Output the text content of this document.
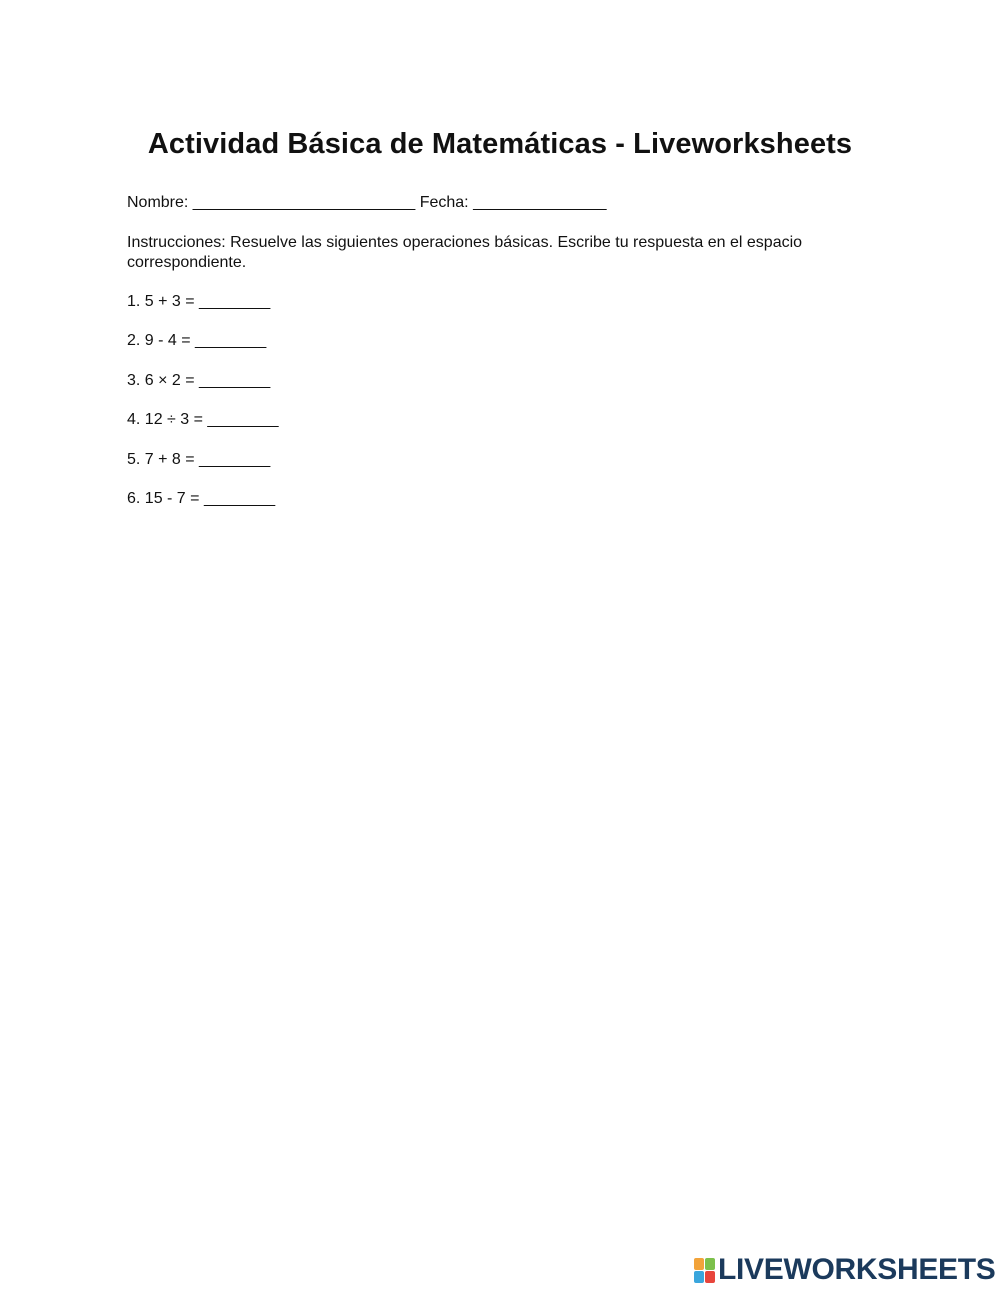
Actividad Básica de Matemáticas - Liveworksheets
Nombre: _________________________ Fecha: _______________
Instrucciones: Resuelve las siguientes operaciones básicas. Escribe tu respuesta en el espacio correspondiente.
1. 5 + 3 = ________
2. 9 - 4 = ________
3. 6 × 2 = ________
4. 12 ÷ 3 = ________
5. 7 + 8 = ________
6. 15 - 7 = ________
LIVEWORKSHEETS
